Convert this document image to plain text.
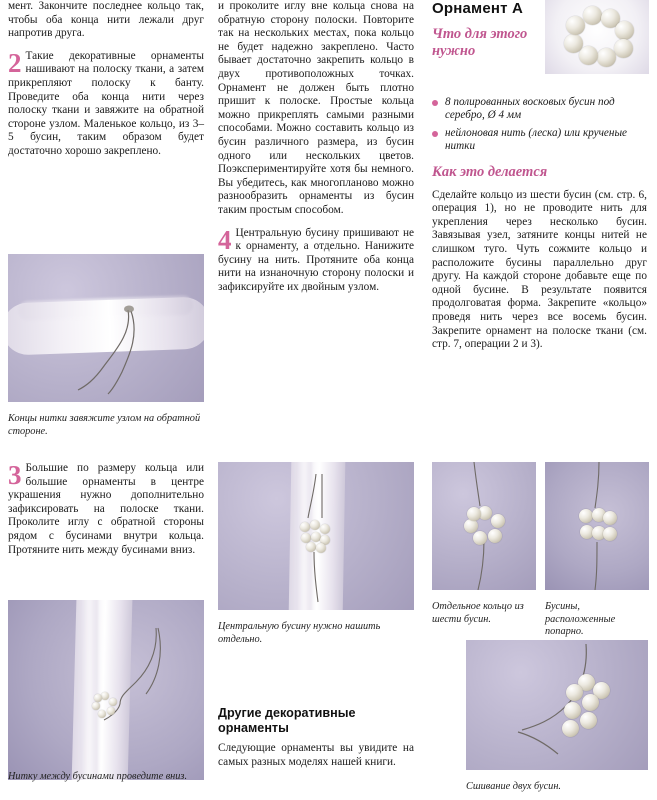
мент. Закончите последнее кольцо так, чтобы оба конца нити лежали друг напротив друга.

2 Такие декоративные орнаменты нашивают на полоску ткани, а затем прикрепляют полоску к банту. Проведите оба конца нити через полоску ткани и завяжите на обратной стороне узлом. Маленькое кольцо, из 3–5 бусин, таким образом будет достаточно хорошо закреплено.

Концы нитки завяжите узлом на обратной стороне.

3 Большие по размеру кольца или большие орнаменты в центре украшения нужно дополнительно зафиксировать на полоске ткани. Проколите иглу с обратной стороны рядом с бусинами внутри кольца. Протяните нить между бусинами вниз.

Нитку между бусинами проведите вниз.

и проколите иглу вне кольца снова на обратную сторону полоски. Повторите так на нескольких местах, пока кольцо не будет надежно закреплено. Часто бывает достаточно закрепить кольцо в двух противоположных точках. Орнамент не должен быть плотно пришит к полоске. Простые кольца можно прикреплять самыми разными способами. Можно составить кольцо из бусин различного размера, из бусин одного или нескольких цветов. Поэкспериментируйте хотя бы немного. Вы убедитесь, как многопланово можно разнообразить орнаменты из бусин таким простым способом.

4 Центральную бусину пришивают не к орнаменту, а отдельно. Нанижите бусину на нить. Протяните оба конца нити на изнаночную сторону полоски и зафиксируйте их двойным узлом.

Центральную бусину нужно нашить отдельно.

Другие декоративные орнаменты

Следующие орнаменты вы увидите на самых разных моделях нашей книги.

Орнамент А
Что для этого нужно
8 полированных восковых бусин под серебро, Ø 4 мм
нейлоновая нить (леска) или крученые нитки
Как это делается

Сделайте кольцо из шести бусин (см. стр. 6, операция 1), но не проводите нить для укрепления через несколько бусин. Завязывая узел, затяните концы нитей не слишком туго. Чуть сожмите кольцо и расположите бусины параллельно друг другу. На каждой стороне добавьте еще по одной бусине. В результате появится продолговатая форма. Закрепите «кольцо» проведя нить через все восемь бусин. Закрепите орнамент на полоске ткани (см. стр. 7, операции 2 и 3).

Отдельное кольцо из шести бусин.

Бусины, расположенные попарно.

Сшивание двух бусин.
